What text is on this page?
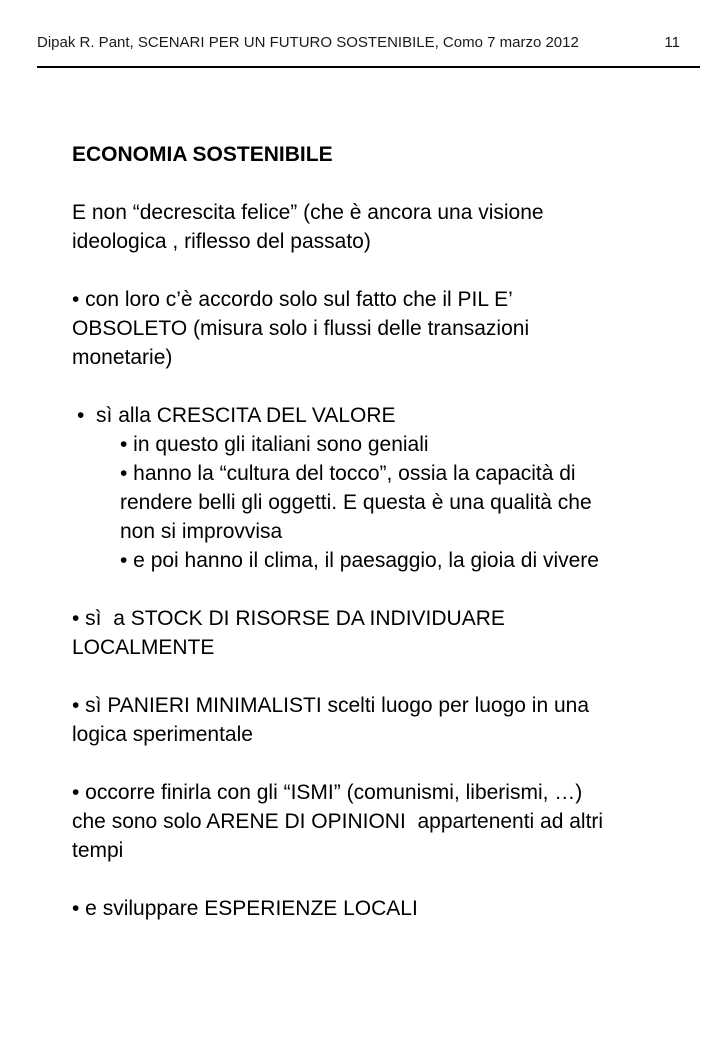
Dipak R. Pant, SCENARI PER UN FUTURO SOSTENIBILE, Como 7 marzo 2012	11
ECONOMIA SOSTENIBILE
E non “decrescita felice” (che è ancora una visione
ideologica , riflesso del passato)
• con loro c’è accordo solo sul fatto che il PIL E’
OBSOLETO (misura solo i flussi delle transazioni
monetarie)
•  sì alla CRESCITA DEL VALORE
• in questo gli italiani sono geniali
• hanno la “cultura del tocco”, ossia la capacità di
rendere belli gli oggetti. E questa è una qualità che
non si improvvisa
• e poi hanno il clima, il paesaggio, la gioia di vivere
• sì  a STOCK DI RISORSE DA INDIVIDUARE
LOCALMENTE
• sì PANIERI MINIMALISTI scelti luogo per luogo in una
logica sperimentale
• occorre finirla con gli “ISMI” (comunismi, liberismi, …)
che sono solo ARENE DI OPINIONI  appartenenti ad altri
tempi
• e sviluppare ESPERIENZE LOCALI
